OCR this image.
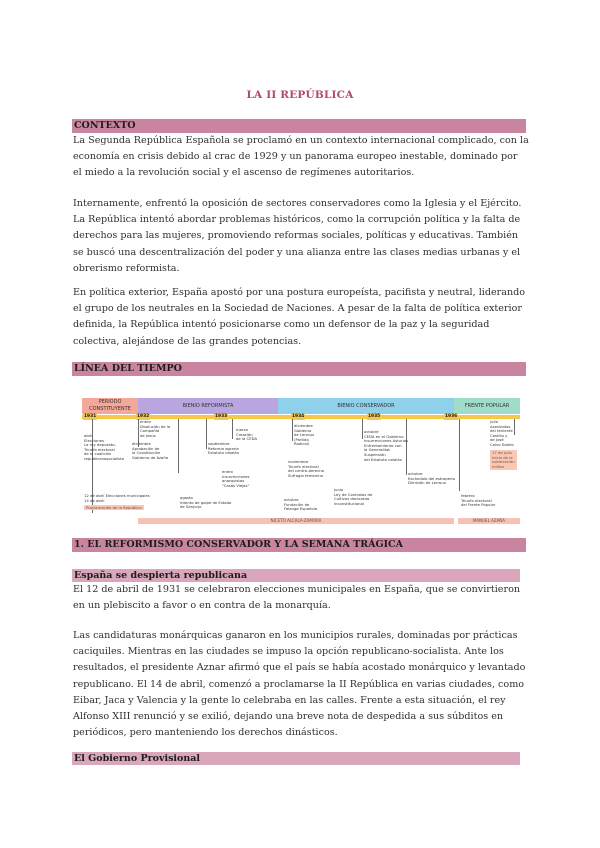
LA II REPÚBLICA
CONTEXTO

La Segunda República Española se proclamó en un contexto internacional complicado, con la economía en crisis debido al crac de 1929 y un panorama europeo inestable, dominado por el miedo a la revolución social y el ascenso de regímenes autoritarios.

Internamente, enfrentó la oposición de sectores conservadores como la Iglesia y el Ejército. La República intentó abordar problemas históricos, como la corrupción política y la falta de derechos para las mujeres, promoviendo reformas sociales, políticas y educativas. También se buscó una descentralización del poder y una alianza entre las clases medias urbanas y el obrerismo reformista.

En política exterior, España apostó por una postura europeísta, pacifista y neutral, liderando el grupo de los neutrales en la Sociedad de Naciones. A pesar de la falta de política exterior definida, la República intentó posicionarse como un defensor de la paz y la seguridad colectiva, alejándose de las grandes potencias.

LÍNEA DEL TIEMPO
PERIODO CONSTITUYENTE	BIENIO REFORMISTA	BIENIO CONSERVADOR	FRENTE POPULAR
1931	1932	1933	1934	1935	1936
abril
Elecciones
La rey depuesto,
Triunfo electoral
de la coalición
republicanosocialista
12 de abril Elecciones municipales
14 de abril
Proclamación de la República
enero
Disolución de la
Compañía
de Jesús
diciembre
Aprobación de
la Constitución
Gobierno de Azaña
agosto
Intento de golpe de Estado
de Sanjurjo
septiembre
Reforma agraria
Estatuto catalán
enero
Insurrecciones
anarquistas
"Casas Viejas"
marzo
Creación
de la CEDA
diciembre
Gobierno
de Lerroux
(Partido
Radical)
noviembre
Triunfo electoral
del centro-derecha
Sufragio femenino
octubre
Fundación de
Falange Española
octubre
CEDA en el Gobierno
Insurrecciones Asturias
Enfrentamiento con
la Generalitat
Suspensión
del Estatuto catalán
junio
Ley de Contratos de
Cultivos declarada
inconstitucional
octubre
Escándalo del estraperlo
Dimisión de Lerroux
febrero
Triunfo electoral
del Frente Popular
julio
Asesinatos
del teniente
Castillo y
de José
Calvo Sotelo
17 de julio
Inicio de la
sublevación
militar
NICETO ALCALÁ-ZAMORA	MANUEL AZAÑA
1. EL REFORMISMO CONSERVADOR Y LA SEMANA TRÁGICA
España se despierta republicana

El 12 de abril de 1931 se celebraron elecciones municipales en España, que se convirtieron en un plebiscito a favor o en contra de la monarquía.

Las candidaturas monárquicas ganaron en los municipios rurales, dominadas por prácticas caciquiles. Mientras en las ciudades se impuso la opción republicano-socialista. Ante los resultados, el presidente Aznar afirmó que el país se había acostado monárquico y levantado republicano. El 14 de abril, comenzó a proclamarse la II República en varias ciudades, como Eibar, Jaca y Valencia y la gente lo celebraba en las calles. Frente a esta situación, el rey Alfonso XIII renunció y se exilió, dejando una breve nota de despedida a sus súbditos en periódicos, pero manteniendo los derechos dinásticos.

El Gobierno Provisional
